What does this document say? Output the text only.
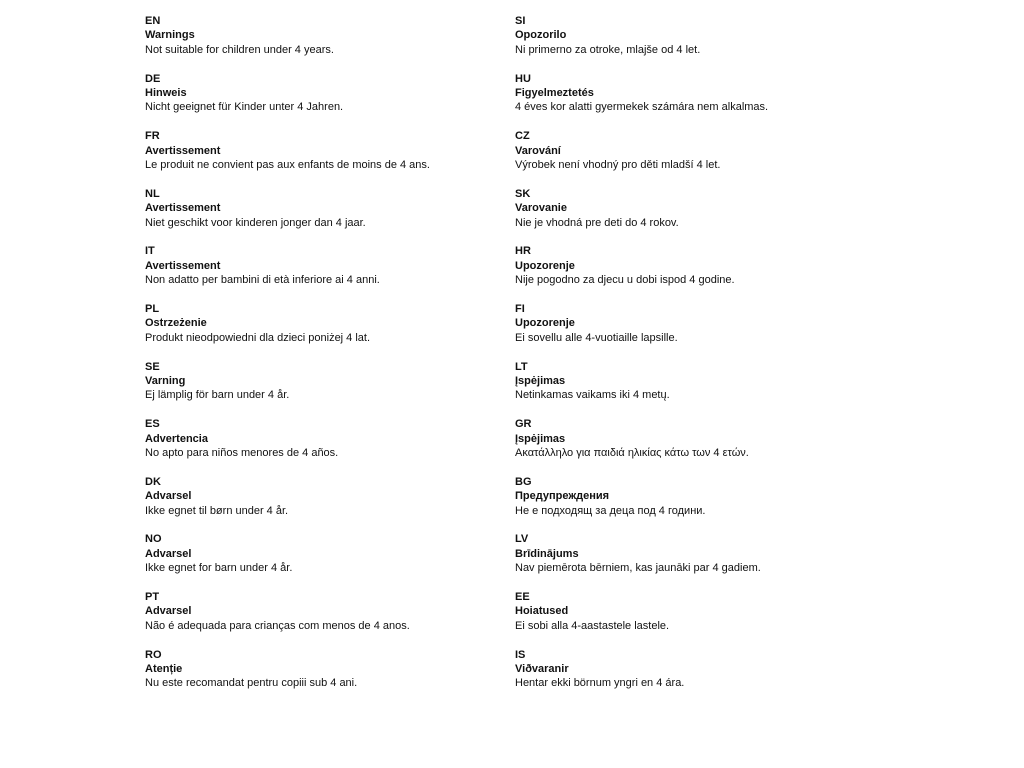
EN
Warnings
Not suitable for children under 4 years.
DE
Hinweis
Nicht geeignet für Kinder unter 4 Jahren.
FR
Avertissement
Le produit ne convient pas aux enfants de moins de 4 ans.
NL
Avertissement
Niet geschikt voor kinderen jonger dan 4 jaar.
IT
Avertissement
Non adatto per bambini di età inferiore ai 4 anni.
PL
Ostrzeżenie
Produkt nieodpowiedni dla dzieci poniżej 4 lat.
SE
Varning
Ej lämplig för barn under 4 år.
ES
Advertencia
No apto para niños menores de 4 años.
DK
Advarsel
Ikke egnet til børn under 4 år.
NO
Advarsel
Ikke egnet for barn under 4 år.
PT
Advarsel
Não é adequada para crianças com menos de 4 anos.
RO
Atenție
Nu este recomandat pentru copiii sub 4 ani.
SI
Opozorilo
Ni primerno za otroke, mlajše od 4 let.
HU
Figyelmeztetés
4 éves kor alatti gyermekek számára nem alkalmas.
CZ
Varování
Výrobek není vhodný pro děti mladší 4 let.
SK
Varovanie
Nie je vhodná pre deti do 4 rokov.
HR
Upozorenje
Nije pogodno za djecu u dobi ispod 4 godine.
FI
Upozorenje
Ei sovellu alle 4-vuotiaille lapsille.
LT
Įspėjimas
Netinkamas vaikams iki 4 metų.
GR
Įspėjimas
Ακατάλληλο για παιδιά ηλικίας κάτω των 4 ετών.
BG
Предупреждения
Не е подходящ за деца под 4 години.
LV
Brīdinājums
Nav piemērota bērniem, kas jaunāki par 4 gadiem.
EE
Hoiatused
Ei sobi alla 4-aastastele lastele.
IS
Viðvaranir
Hentar ekki börnum yngri en 4 ára.
